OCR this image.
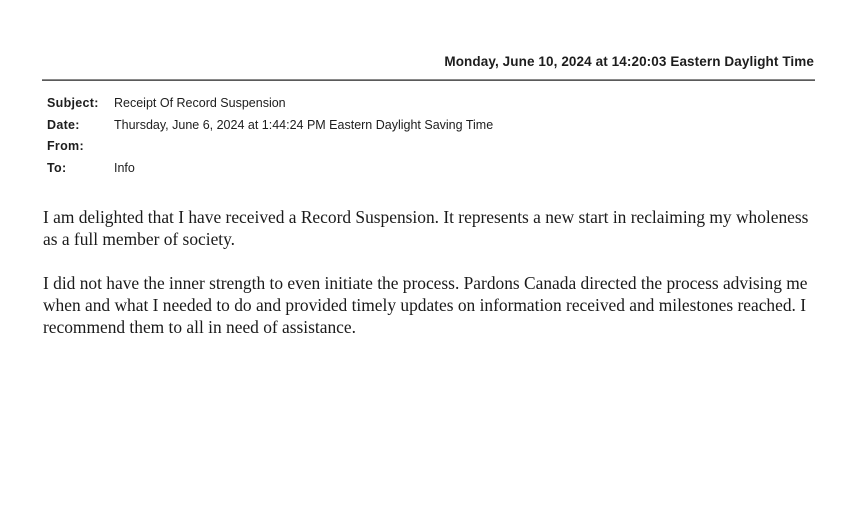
Monday, June 10, 2024 at 14:20:03 Eastern Daylight Time
Subject:	Receipt Of Record Suspension
Date:	Thursday, June 6, 2024 at 1:44:24 PM Eastern Daylight Saving Time
From:
To:	Info

I am delighted that I have received a Record Suspension. It represents a new start in reclaiming my wholeness as a full member of society.

I did not have the inner strength to even initiate the process. Pardons Canada directed the process advising me when and what I needed to do and provided timely updates on information received and milestones reached. I recommend them to all in need of assistance.
